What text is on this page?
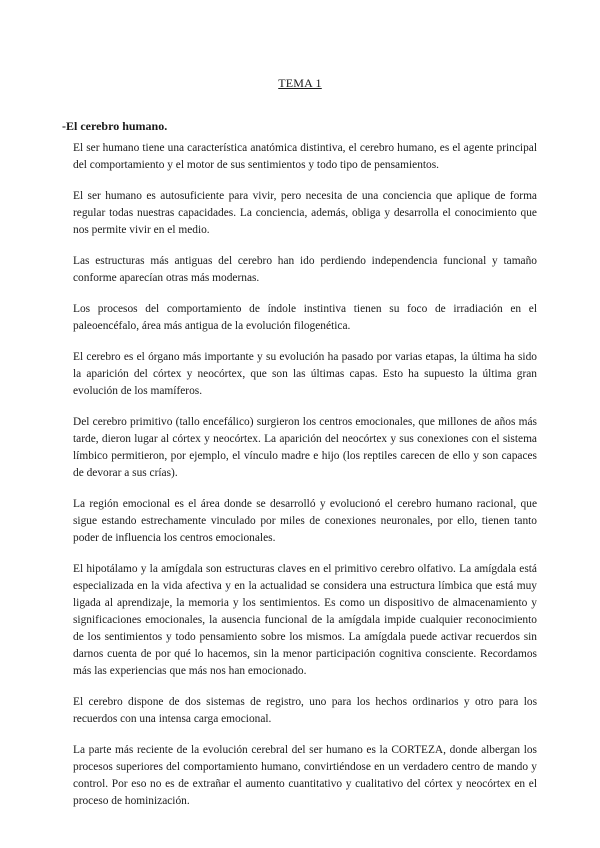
TEMA 1
-El cerebro humano.

El ser humano tiene una característica anatómica distintiva, el cerebro humano, es el agente principal del comportamiento y el motor de sus sentimientos y todo tipo de pensamientos.

El ser humano es autosuficiente para vivir, pero necesita de una conciencia que aplique de forma regular todas nuestras capacidades. La conciencia, además, obliga y desarrolla el conocimiento que nos permite vivir en el medio.

Las estructuras más antiguas del cerebro han ido perdiendo independencia funcional y tamaño conforme aparecían otras más modernas.

Los procesos del comportamiento de índole instintiva tienen su foco de irradiación en el paleoencéfalo, área más antigua de la evolución filogenética.

El cerebro es el órgano más importante y su evolución ha pasado por varias etapas, la última ha sido la aparición del córtex y neocórtex, que son las últimas capas. Esto ha supuesto la última gran evolución de los mamíferos.

Del cerebro primitivo (tallo encefálico) surgieron los centros emocionales, que millones de años más tarde, dieron lugar al córtex y neocórtex. La aparición del neocórtex y sus conexiones con el sistema límbico permitieron, por ejemplo, el vínculo madre e hijo (los reptiles carecen de ello y son capaces de devorar a sus crías).

La región emocional es el área donde se desarrolló y evolucionó el cerebro humano racional, que sigue estando estrechamente vinculado por miles de conexiones neuronales, por ello, tienen tanto poder de influencia los centros emocionales.

El hipotálamo y la amígdala son estructuras claves en el primitivo cerebro olfativo. La amígdala está especializada en la vida afectiva y en la actualidad se considera una estructura límbica que está muy ligada al aprendizaje, la memoria y los sentimientos. Es como un dispositivo de almacenamiento y significaciones emocionales, la ausencia funcional de la amígdala impide cualquier reconocimiento de los sentimientos y todo pensamiento sobre los mismos. La amígdala puede activar recuerdos sin darnos cuenta de por qué lo hacemos, sin la menor participación cognitiva consciente. Recordamos más las experiencias que más nos han emocionado.

El cerebro dispone de dos sistemas de registro, uno para los hechos ordinarios y otro para los recuerdos con una intensa carga emocional.

La parte más reciente de la evolución cerebral del ser humano es la CORTEZA, donde albergan los procesos superiores del comportamiento humano, convirtiéndose en un verdadero centro de mando y control. Por eso no es de extrañar el aumento cuantitativo y cualitativo del córtex y neocórtex en el proceso de hominización.
